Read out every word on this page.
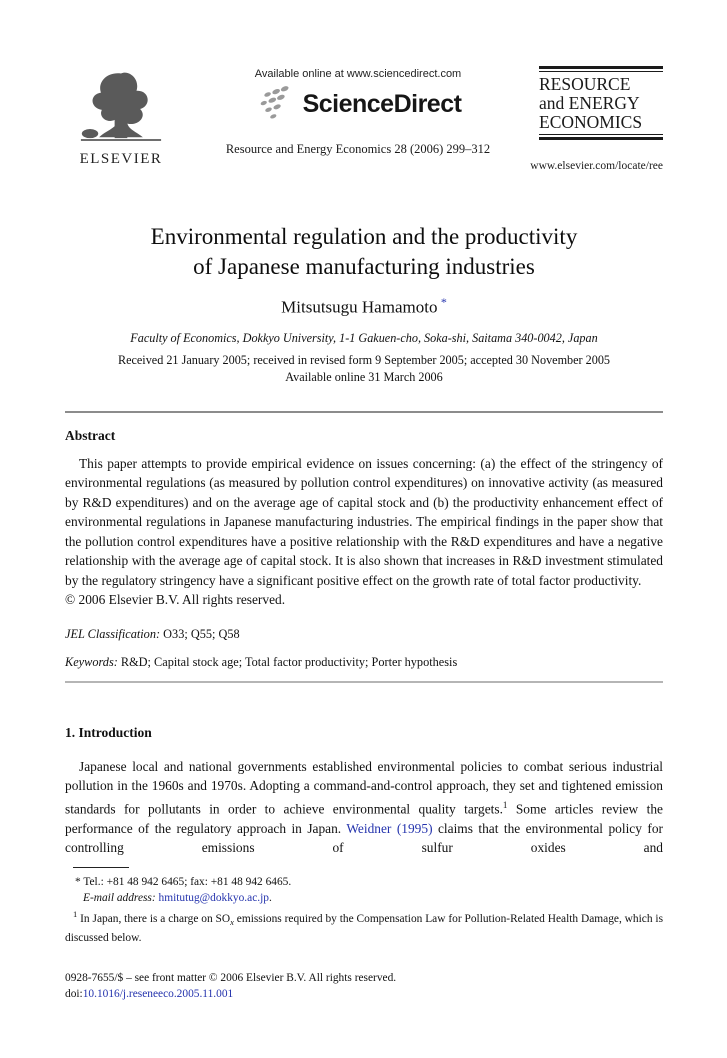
ELSEVIER
Available online at www.sciencedirect.com
ScienceDirect
Resource and Energy Economics 28 (2006) 299–312
RESOURCE
and ENERGY
ECONOMICS
www.elsevier.com/locate/ree
Environmental regulation and the productivity
of Japanese manufacturing industries
Mitsutsugu Hamamoto  *
Faculty of Economics, Dokkyo University, 1-1 Gakuen-cho, Soka-shi, Saitama 340-0042, Japan
Received 21 January 2005; received in revised form 9 September 2005; accepted 30 November 2005
Available online 31 March 2006
Abstract
This paper attempts to provide empirical evidence on issues concerning: (a) the effect of the stringency of environmental regulations (as measured by pollution control expenditures) on innovative activity (as measured by R&D expenditures) and on the average age of capital stock and (b) the productivity enhancement effect of environmental regulations in Japanese manufacturing industries. The empirical findings in the paper show that the pollution control expenditures have a positive relationship with the R&D expenditures and have a negative relationship with the average age of capital stock. It is also shown that increases in R&D investment stimulated by the regulatory stringency have a significant positive effect on the growth rate of total factor productivity.
© 2006 Elsevier B.V. All rights reserved.
JEL Classification: O33; Q55; Q58
Keywords: R&D; Capital stock age; Total factor productivity; Porter hypothesis
1. Introduction
Japanese local and national governments established environmental policies to combat serious industrial pollution in the 1960s and 1970s. Adopting a command-and-control approach, they set and tightened emission standards for pollutants in order to achieve environmental quality targets.$^1$ Some articles review the performance of the regulatory approach in Japan. Weidner (1995) claims that the environmental policy for controlling emissions of sulfur oxides and
* Tel.: +81 48 942 6465; fax: +81 48 942 6465.
E-mail address: hmitutug@dokkyo.ac.jp.
$^1$ In Japan, there is a charge on $SO_x$ emissions required by the Compensation Law for Pollution-Related Health Damage, which is discussed below.
0928-7655/$ – see front matter © 2006 Elsevier B.V. All rights reserved.
doi:10.1016/j.reseneeco.2005.11.001
